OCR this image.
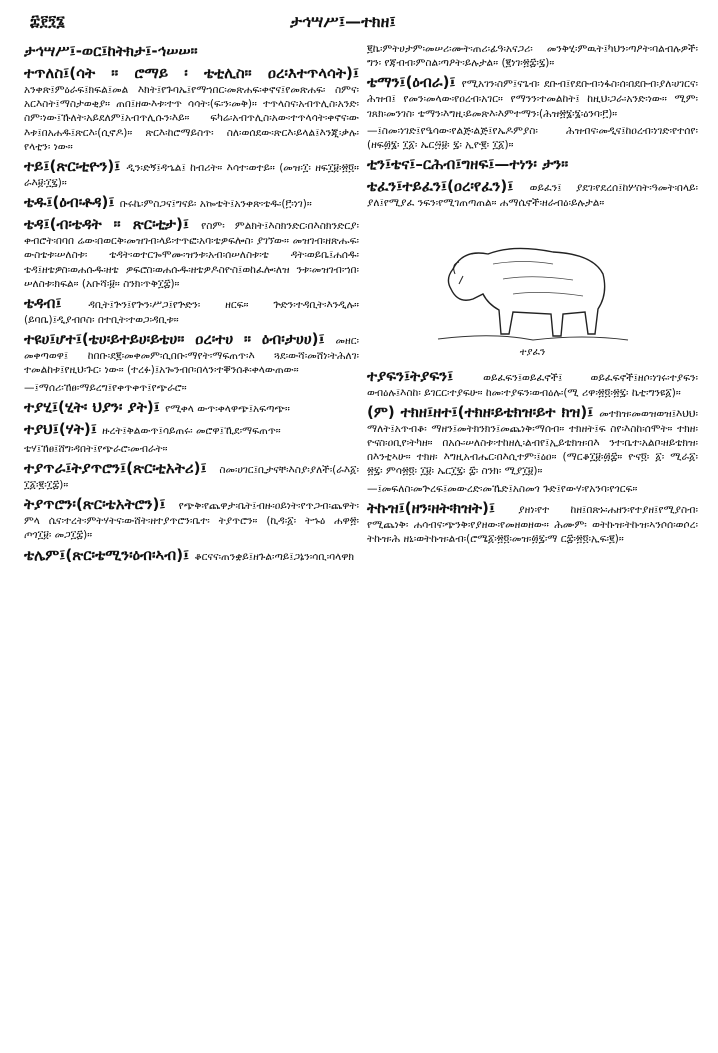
፰፻፺፮	ታኅሣሥ፤—ተክዘ፤
ታኅሣሥ፤-ወር፤ከትክታ፤-ኅሠሠ።
ተጥለስ፤(ሳት ። ሮማይ ፡ ቴቲሊስ። ዐረ፡እተጥላሳት)፤ አንቀጽ፤ምዕራፍ፤ክፍል፤መል እክት፤የጉባኤ፤የማኀበር፡መጽሐፍ፡ቀኖና፤የመጽሐፍ፡ ስምና፡አርእስት፤ማስታወቂያ። ጠበ፤ዘውእቱ፡ተጥ ሳሳት፡(ፍ፡ን፡መቅ)። ተጥላስና፡አብጥሊስ፡አንድ፡ ስም፡ነው፤ኹለት፡አይደለም፤አብጥሊሱን፡እይ። ፍካሬ፡አብጥሊስ፡አው፡ተጥላሳት፡ቀኖና፡ው እቱ፤በአሐዱ፤ጽርእ፡(ሲኖዶ)። ጽርእ፡ከሮማይስጥ፡ ስለ፡ወሰደው፡ጽርእ፡ይላል፤እንጂ፡ቃሉ፡የላቲን፡ ነው።
ተይ፤(ጽር፡ቲዮን)፤ ዲን፡ድኝ፤ዳኄል፤ ከብሪት። እሳተ፡ወተይ። (መዝ፡፲፡ ዘፍ፲፱፡፳፬። ራእ፱፡፲፯)።
ቴዱ፤(ዕብ፡ቶዳ)፤ ቡሩኬ፡ምስጋና፤ግናይ፡ አኰቴት፤አንቀጽ፡ቴዱ፡(፫፡ነገ)።
ቴዳ፤(ብ፡ቴዳት ። ጽር፡ቲታ)፤ የስም፡ ምልክት፤እስክንድር፡በእስክንድርያ፡ቀብሮት፡በባበ ሬው፡በወርቅ፡መዝገብ፡ላይ፡ተጥፎ፡አባ፡ቴዎፍሎስ፡ ያገኘው። መዝገብ፡ዘጽሑፍ፡ውስቴቱ፡ሠለስቱ፡ ቴዳት፡ወተርጐሞሙ፡ዝንቱ፡አብ፡ሰሠለስቱ፡ቴ ዳት፡ወይቤ፤ሐሰዱ፡ቴዳ፤ዘቴዎስ፡ወሐሱዱ፡ዘቴ ዎፍሮስ፡ወሐሱዱ፡ዘቴዎዶስዮስ፤ወከፈሎ፡ለዝ ንቱ፡መዝገብ፡ኀበ፡ሠለስቱ፡ክፍል። (አቡሻ፡፱። ስንክ፡ጥቅ፲፰)።
ቴዳብ፤ ዳቢት፤ጕን፤የጕን፡ሥጋ፤የጕድን፡ ዘርፍ። ጕድን፡ተዳቢት፡እንዲሉ። (ይባቤ)፤ዲያብቦስ፡ በተቢት፡ተወጋ፡ዳቢቱ።
ተዩሀ፤ሆተ፤(ቴሀ፡ይተይሀ፡ይቴሀ። ዐረ፡ተሀ ። ዕብ፡ታሀሀ)፤ መዘር፡መቀጣወዋ፤ ከበቡ፡ደ፪፡መቀመም፡ሲበቡ፡ማየት፡ማፍጠጥ፡እ ጓደ፡ውሻ፡መሸነ፡ትሕለገ፡ተመልከቱ፤የዚህ፡ጉር፡ ነው። (ተረፉ)፤አጐንብቦ፡በላን፡ተቐንሰቶ፡ቀላውጠው።
—፤ማሰሪ፡ኸፀ፡ማይረግ፤የቀጥቀጥ፤የጭራሮ።
ተያሂ፤(ሂት፡ ህያን፡ ያት)፤ የሚቀላ ውጥ፡ቀላዋጭ፤አፍጣጭ።
ተያህ፤(ሃት)፤ ዙረት፤ቅልውጥ፤ሳይጠሩ፡ መሮዋ፤ኺደ፡ማፍጠጥ።
ቴሃ፤ኸፀ፤ሸግ፡ዳበት፤የጭራሮ፡መብራት።
ተያጥራ፤ትያጥሮን፤(ጽር፡ቲአትሪ)፤ ስመ፡ሀገር፤ቢታናቸ፡እስያ፡ያለች፡(ራእ፩፡፲፩፡፪፡፲፰)።
ትያጥሮን፡(ጽር፡ቴአትሮን)፤ የጭቅ፡የጨዋታ፡ቤት፤ብዙ፡ዐይነት፡የጥጋብ፡ጨዋት፡ምላ ሴና፡ተረት፡ምትሃትና፡ውሸት፡ዘተያጥሮን፡ቤተ፡ ትያጥሮን። (ኪዳ፡፩፡ ትኁዕ ሐዋ፳፡ ጦጎ፲፱፡ መጋ፲፰)።
ቴሌም፤(ጽር፡ቴሚን፡ዕብ፡ኣብ)፤ ቆርናና፡ጠንቋይ፤ዘጉል፡ጣይ፤ጋኔን፡ሳቢ፡ባላዋክ
፪ኬ፡ምትሀታም፡መሠሪ፡ሙት፡ጠሪ፡ፊዓ፡አናጋሪ፡ መንቅሂ፡ምዉት፤ካህን፡ጣዖት፡ባልብሉዎች፡ግን፡ የጃብብ፡ምስል፡ጣዖት፡ይሉታል። (፪ነገ፡፳፰፡፯)።
ቴማን፤(ዕብራ)፤ የሚአገን፡ስም፤ናጌብ፡ ደቡብ፤የደቡብ፡ነፋስ፡ሰ፡በደቡብ፡ያለ፡ሀገርና፡ሕዝብ፤ የመን፡መላው፡የዐረብ፡አገር። የማንን፡ተመልከት፤ ከዚህ፡ጋራ፡አንድ፡ነው። ሚም፡ገጸክ፡መንገስ፡ ቴማን፡እግዚ፡ይመጽእ፡እምተማን፡(ሕዝ፳፮፡፮፡ዕንባ፡፫)።
—፤ስመ፡ነገድ፤የዔሳው፡የልጅ፡ልጅ፤የኤዶምያስ፡ ሕዝብና፡መዲና፤ከዐረብ፡ነገድ፡የተሰየ፡(ዘፍ፴፮፡ ፲፩፡ ኤር፵፱፡ ፯፡ ኢዮ፪፡ ፲፩)።
ቲን፤ቴና፤–ርሕብ፤ግዘፍ፤—ተነን፡ ታን።
ቴፈን፤ተይፈን፤(ዐረ፡የፈን)፤ ወይፈን፤ ያደገ፡የደረሰ፤ከሦስት፡ዓመት፡በላይ፡ያለ፤የሚያፈ ንፍን፡የሚገጠጣጠል። ሐማሴኖች፡ዘራብዕ፡ይሉታል።
ተያፈን
ተያፍን፤ትያፍን፤ ወይፈፍን፤ወይፈኖች፤ ወይፈፍኖች፤ዘሶ፡ነገሩ፡ተያፍን፡ወብዕሉ፤እስከ፡ ይገርር፡ተያፍሁ። ከመ፡ተያፍን፡ወብዕሉ፡(ሚ ሪዋ፡፳፬፡፳፯፡ ኬቲ፡ግንዩ፩)።
(ም) ተክዘ፤ዘተ፤(ተክዘ፡ይቴክዝ፡ይተ ክዝ)፤ መተክዝ፡መወዝወዝ፤እህህ፡ማለት፤አጥብቆ፡ ማዘን፤መትክንክን፤መጨነቅ፡ማሰብ። ተክዘት፤ፍ ስየ፡እስከ፡ሰሞት። ተክዘ፡ዮናስ፡ዐቢየ፡ትካዘ። በአሱ፡ሠለስቱ፡ተከዘሊ፡ልብየ፤ኢይቴክዝ፡በእ ንተ፡ቤተ፡አልቦ፡ዘይቴክዝ፡በእንቲኣሁ። ተክዘ፡ እግዚአብሔር፡በእሲተም፡፤ዕዐ። (ማርቆ፲፱፡፴፰። ዮና፬፡ ፩፡ ሚራ፩፡ ፳፯፡ ምሳ፳፬፡ ፲፱፡ ኤር፲፯፡ ፰፡ ስንክ፡ ሚያ፲፱)።
—፤መፍለስ፡መጕረፍ፤መውረድ፡መኼድ፤አስመጎ ጉድ፤የውሃ፡የአንባ፡የጎርፍ።
ትኩዝ፤(ዘን፡ዘት፡ክዝት)፤ ያዘነ፡የተ ከዘ፤በጽኑ፡ሐዘን፡የተያዘ፤የሚያስብ፡የሚጨነቅ፡ ሐሳብና፡ጭንቅ፡የያዘው፡የመዘወዘው። ሕሙም፡ ወትኩዝ፡ትኩዝ፡ኣንሶሰ፡ወሶረ፡ትኩዝ፡ሕ ዘኒ፡ወትኩዝ፡ልብ፡(ሮሜ፩፡፳፬፡መዝ፡፴፯፡ማ ር፰፡፳፬፡ኢፍ፡፪)።
